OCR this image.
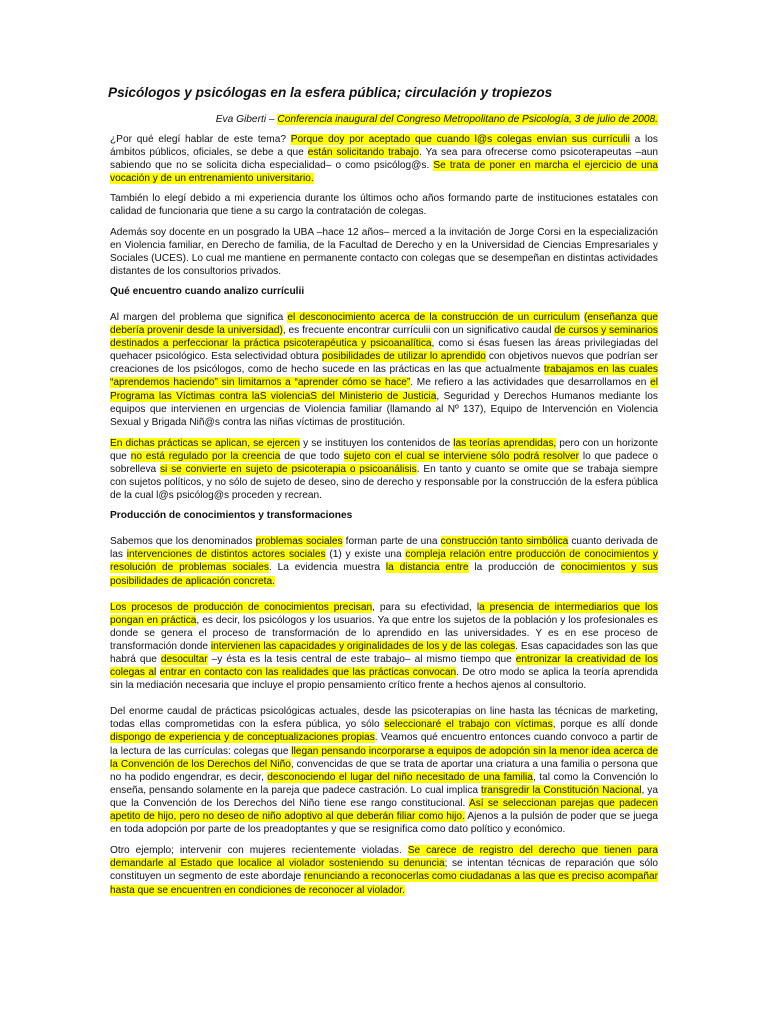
Psicólogos y psicólogas en la esfera pública; circulación y tropiezos
Eva Giberti – Conferencia inaugural del Congreso Metropolitano de Psicología, 3 de julio de 2008.

¿Por qué elegí hablar de este tema? Porque doy por aceptado que cuando l@s colegas envían sus currículii a los ámbitos públicos, oficiales, se debe a que están solicitando trabajo. Ya sea para ofrecerse como psicoterapeutas –aun sabiendo que no se solicita dicha especialidad– o como psicólog@s. Se trata de poner en marcha el ejercicio de una vocación y de un entrenamiento universitario.

También lo elegí debido a mi experiencia durante los últimos ocho años formando parte de instituciones estatales con calidad de funcionaria que tiene a su cargo la contratación de colegas.

Además soy docente en un posgrado la UBA –hace 12 años– merced a la invitación de Jorge Corsi en la especialización en Violencia familiar, en Derecho de familia, de la Facultad de Derecho y en la Universidad de Ciencias Empresariales y Sociales (UCES). Lo cual me mantiene en permanente contacto con colegas que se desempeñan en distintas actividades distantes de los consultorios privados.

Qué encuentro cuando analizo currículii

Al margen del problema que significa el desconocimiento acerca de la construcción de un curriculum (enseñanza que debería provenir desde la universidad), es frecuente encontrar currículii con un significativo caudal de cursos y seminarios destinados a perfeccionar la práctica psicoterapéutica y psicoanalítica, como si ésas fuesen las áreas privilegiadas del quehacer psicológico. Esta selectividad obtura posibilidades de utilizar lo aprendido con objetivos nuevos que podrían ser creaciones de los psicólogos, como de hecho sucede en las prácticas en las que actualmente trabajamos en las cuales “aprendemos haciendo” sin limitarnos a “aprender cómo se hace”. Me refiero a las actividades que desarrollamos en el Programa las Víctimas contra laS violenciaS del Ministerio de Justicia, Seguridad y Derechos Humanos mediante los equipos que intervienen en urgencias de Violencia familiar (llamando al Nº 137), Equipo de Intervención en Violencia Sexual y Brigada Niñ@s contra las niñas víctimas de prostitución.

En dichas prácticas se aplican, se ejercen y se instituyen los contenidos de las teorías aprendidas, pero con un horizonte que no está regulado por la creencia de que todo sujeto con el cual se interviene sólo podrá resolver lo que padece o sobrelleva si se convierte en sujeto de psicoterapia o psicoanálisis. En tanto y cuanto se omite que se trabaja siempre con sujetos políticos, y no sólo de sujeto de deseo, sino de derecho y responsable por la construcción de la esfera pública de la cual l@s psicólog@s proceden y recrean.

Producción de conocimientos y transformaciones

Sabemos que los denominados problemas sociales forman parte de una construcción tanto simbólica cuanto derivada de las intervenciones de distintos actores sociales (1) y existe una compleja relación entre producción de conocimientos y resolución de problemas sociales. La evidencia muestra la distancia entre la producción de conocimientos y sus posibilidades de aplicación concreta.

Los procesos de producción de conocimientos precisan, para su efectividad, la presencia de intermediarios que los pongan en práctica, es decir, los psicólogos y los usuarios. Ya que entre los sujetos de la población y los profesionales es donde se genera el proceso de transformación de lo aprendido en las universidades. Y es en ese proceso de transformación donde intervienen las capacidades y originalidades de los y de las colegas. Esas capacidades son las que habrá que desocultar –y ésta es la tesis central de este trabajo– al mismo tiempo que entronizar la creatividad de los colegas al entrar en contacto con las realidades que las prácticas convocan. De otro modo se aplica la teoría aprendida sin la mediación necesaria que incluye el propio pensamiento crítico frente a hechos ajenos al consultorio.

Del enorme caudal de prácticas psicológicas actuales, desde las psicoterapias on line hasta las técnicas de marketing, todas ellas comprometidas con la esfera pública, yo sólo seleccionaré el trabajo con víctimas, porque es allí donde dispongo de experiencia y de conceptualizaciones propias. Veamos qué encuentro entonces cuando convoco a partir de la lectura de las currículas: colegas que llegan pensando incorporarse a equipos de adopción sin la menor idea acerca de la Convención de los Derechos del Niño, convencidas de que se trata de aportar una criatura a una familia o persona que no ha podido engendrar, es decir, desconociendo el lugar del niño necesitado de una familia, tal como la Convención lo enseña, pensando solamente en la pareja que padece castración. Lo cual implica transgredir la Constitución Nacional, ya que la Convención de los Derechos del Niño tiene ese rango constitucional. Así se seleccionan parejas que padecen apetito de hijo, pero no deseo de niño adoptivo al que deberán filiar como hijo. Ajenos a la pulsión de poder que se juega en toda adopción por parte de los preadoptantes y que se resignifica como dato político y económico.

Otro ejemplo; intervenir con mujeres recientemente violadas. Se carece de registro del derecho que tienen para demandarle al Estado que localice al violador sosteniendo su denuncia; se intentan técnicas de reparación que sólo constituyen un segmento de este abordaje renunciando a reconocerlas como ciudadanas a las que es preciso acompañar hasta que se encuentren en condiciones de reconocer al violador.
